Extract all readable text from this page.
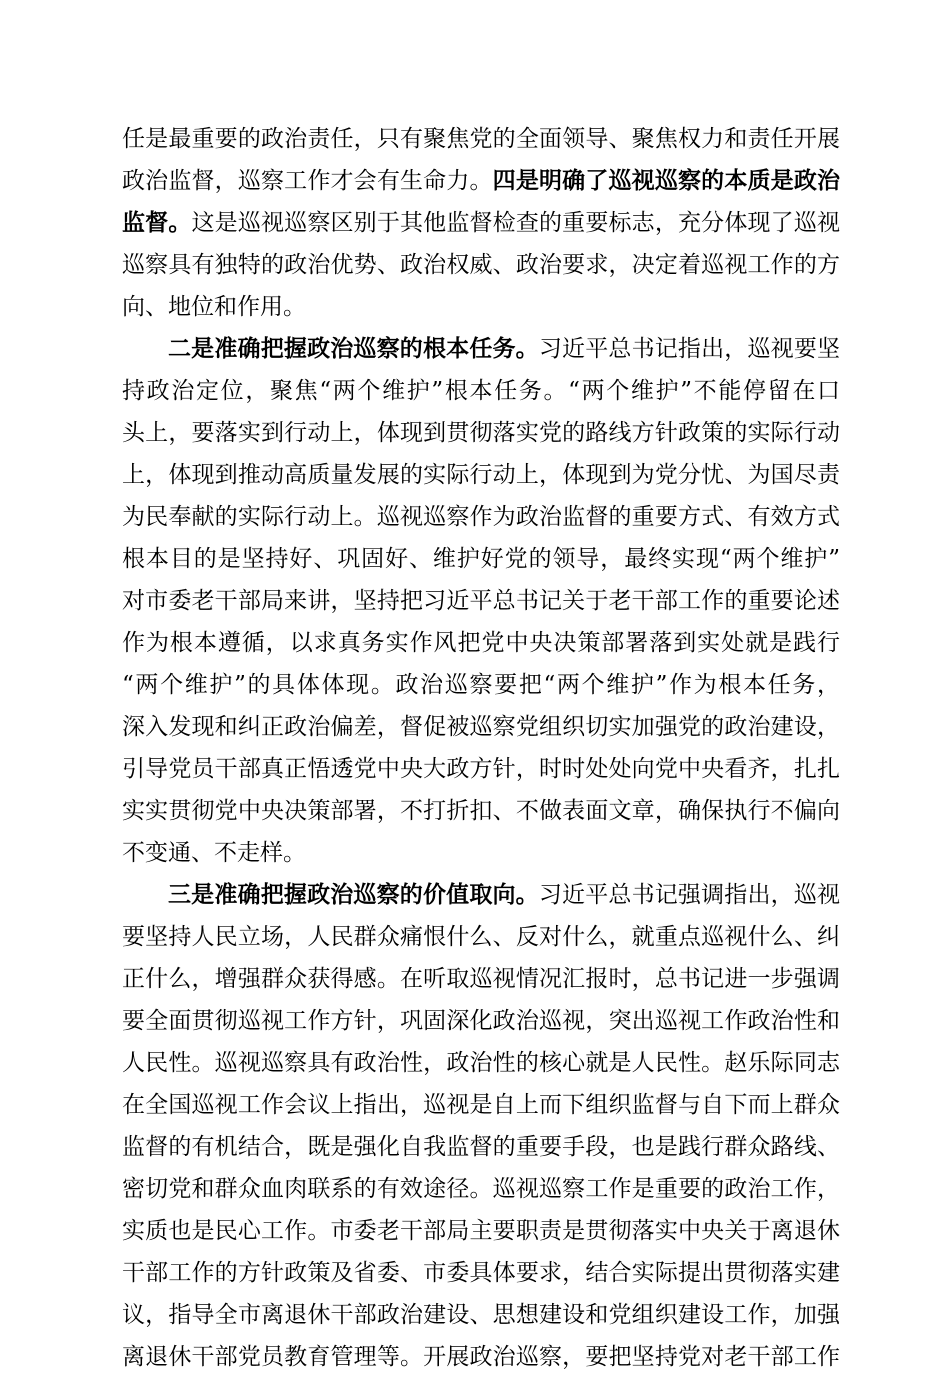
任是最重要的政治责任，只有聚焦党的全面领导、聚焦权力和责任开展
政治监督，巡察工作才会有生命力。四是明确了巡视巡察的本质是政治
监督。这是巡视巡察区别于其他监督检查的重要标志，充分体现了巡视
巡察具有独特的政治优势、政治权威、政治要求，决定着巡视工作的方
向、地位和作用。
二是准确把握政治巡察的根本任务。习近平总书记指出，巡视要坚
持政治定位，聚焦“两个维护”根本任务。“两个维护”不能停留在口
头上，要落实到行动上，体现到贯彻落实党的路线方针政策的实际行动
上，体现到推动高质量发展的实际行动上，体现到为党分忧、为国尽责
为民奉献的实际行动上。巡视巡察作为政治监督的重要方式、有效方式
根本目的是坚持好、巩固好、维护好党的领导，最终实现“两个维护”
对市委老干部局来讲，坚持把习近平总书记关于老干部工作的重要论述
作为根本遵循，以求真务实作风把党中央决策部署落到实处就是践行
“两个维护”的具体体现。政治巡察要把“两个维护”作为根本任务，
深入发现和纠正政治偏差，督促被巡察党组织切实加强党的政治建设，
引导党员干部真正悟透党中央大政方针，时时处处向党中央看齐，扎扎
实实贯彻党中央决策部署，不打折扣、不做表面文章，确保执行不偏向
不变通、不走样。
三是准确把握政治巡察的价值取向。习近平总书记强调指出，巡视
要坚持人民立场，人民群众痛恨什么、反对什么，就重点巡视什么、纠
正什么，增强群众获得感。在听取巡视情况汇报时，总书记进一步强调
要全面贯彻巡视工作方针，巩固深化政治巡视，突出巡视工作政治性和
人民性。巡视巡察具有政治性，政治性的核心就是人民性。赵乐际同志
在全国巡视工作会议上指出，巡视是自上而下组织监督与自下而上群众
监督的有机结合，既是强化自我监督的重要手段，也是践行群众路线、
密切党和群众血肉联系的有效途径。巡视巡察工作是重要的政治工作，
实质也是民心工作。市委老干部局主要职责是贯彻落实中央关于离退休
干部工作的方针政策及省委、市委具体要求，结合实际提出贯彻落实建
议，指导全市离退休干部政治建设、思想建设和党组织建设工作，加强
离退休干部党员教育管理等。开展政治巡察，要把坚持党对老干部工作
